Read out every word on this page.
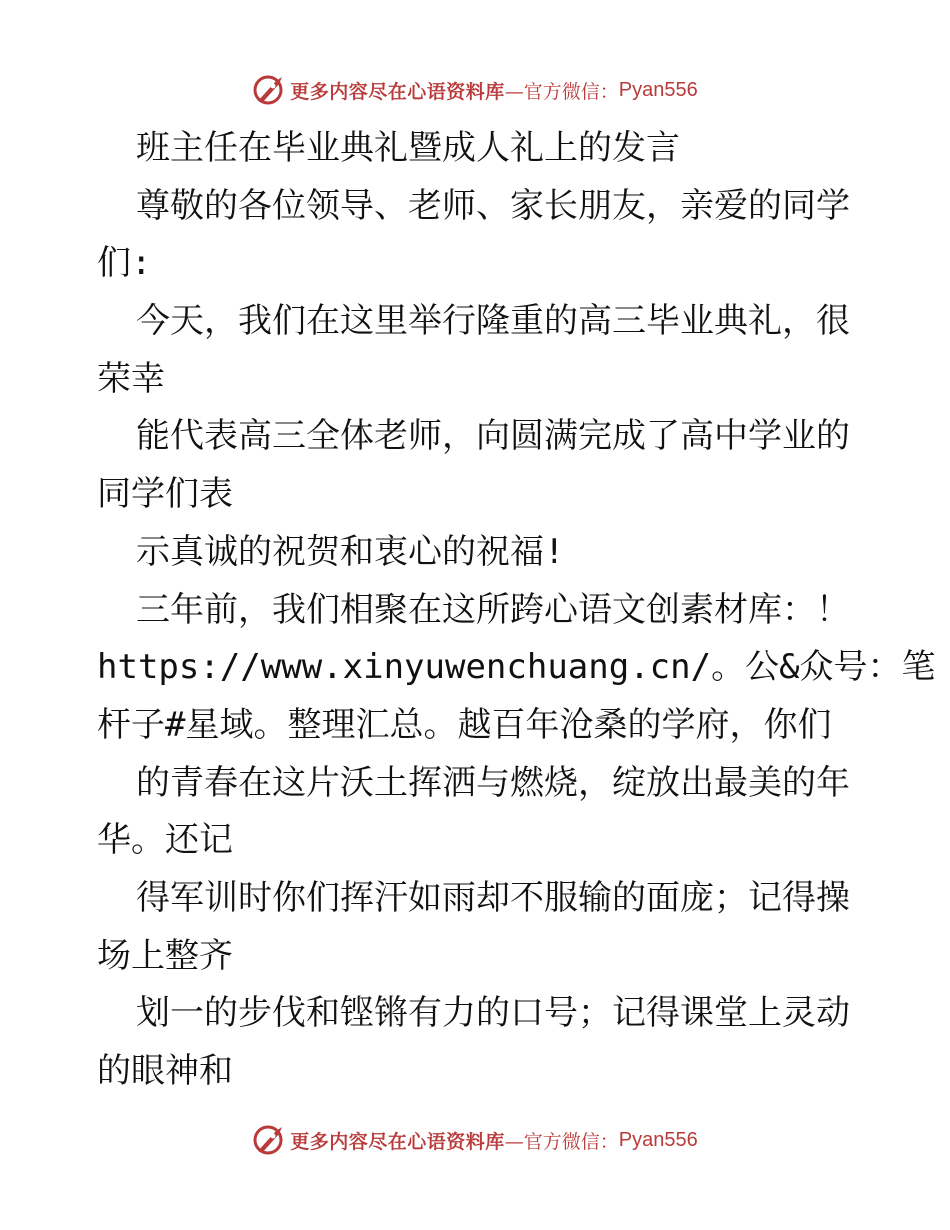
更多内容尽在心语资料库 —官方微信： Pyan556
班主任在毕业典礼暨成人礼上的发言
尊敬的各位领导、老师、家长朋友，亲爱的同学
们:
今天，我们在这里举行隆重的高三毕业典礼，很
荣幸
能代表高三全体老师，向圆满完成了高中学业的
同学们表
示真诚的祝贺和衷心的祝福!
三年前，我们相聚在这所跨心语文创素材库：！
https://www.xinyuwenchuang.cn/。公&众号：笔
杆子#星域。整理汇总。越百年沧桑的学府，你们
的青春在这片沃土挥洒与燃烧，绽放出最美的年
华。还记
得军训时你们挥汗如雨却不服输的面庞；记得操
场上整齐
划一的步伐和铿锵有力的口号；记得课堂上灵动
的眼神和
更多内容尽在心语资料库 —官方微信： Pyan556
